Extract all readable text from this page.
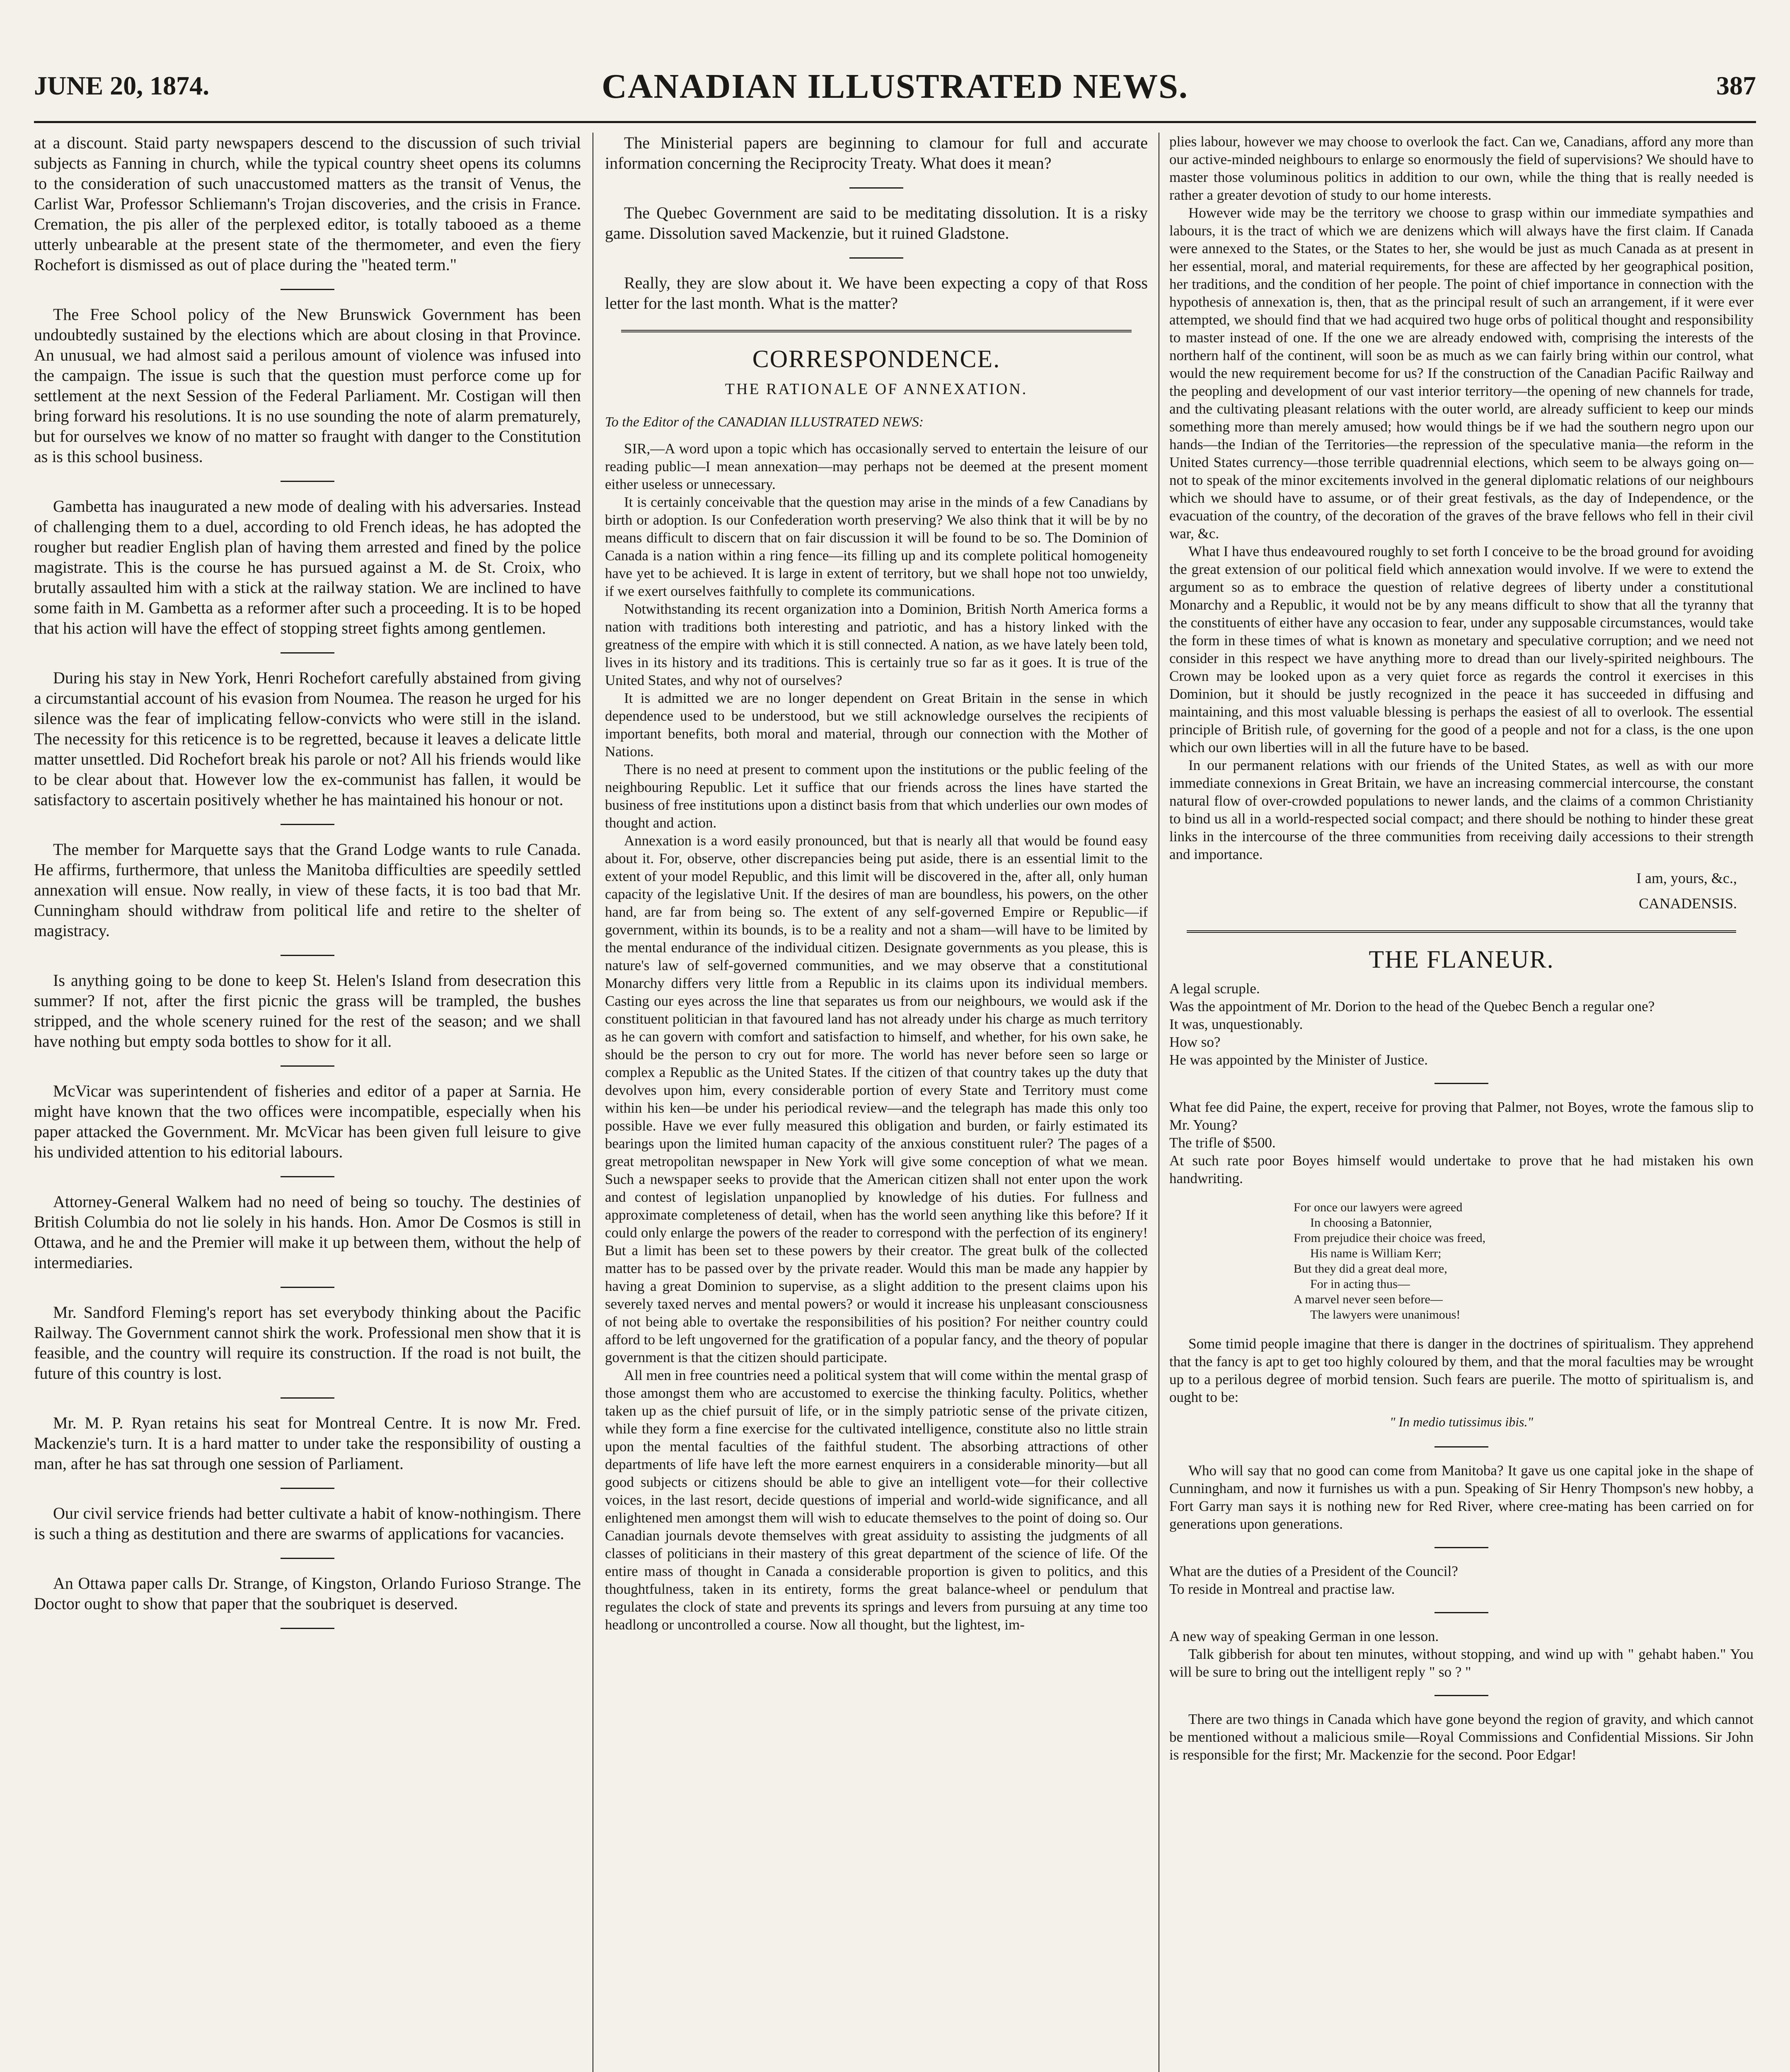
JUNE 20, 1874.	CANADIAN ILLUSTRATED NEWS.	387

at a discount. Staid party newspapers descend to the discussion of such trivial subjects as Fanning in church, while the typical country sheet opens its columns to the consideration of such unaccustomed matters as the transit of Venus, the Carlist War, Professor Schliemann's Trojan discoveries, and the crisis in France. Cremation, the pis aller of the perplexed editor, is totally tabooed as a theme utterly unbearable at the present state of the thermometer, and even the fiery Rochefort is dismissed as out of place during the "heated term."

The Free School policy of the New Brunswick Government has been undoubtedly sustained by the elections which are about closing in that Province. An unusual, we had almost said a perilous amount of violence was infused into the campaign. The issue is such that the question must perforce come up for settlement at the next Session of the Federal Parliament. Mr. Costigan will then bring forward his resolutions. It is no use sounding the note of alarm prematurely, but for ourselves we know of no matter so fraught with danger to the Constitution as is this school business.

Gambetta has inaugurated a new mode of dealing with his adversaries. Instead of challenging them to a duel, according to old French ideas, he has adopted the rougher but readier English plan of having them arrested and fined by the police magistrate. This is the course he has pursued against a M. de St. Croix, who brutally assaulted him with a stick at the railway station. We are inclined to have some faith in M. Gambetta as a reformer after such a proceeding. It is to be hoped that his action will have the effect of stopping street fights among gentlemen.

During his stay in New York, Henri Rochefort carefully abstained from giving a circumstantial account of his evasion from Noumea. The reason he urged for his silence was the fear of implicating fellow-convicts who were still in the island. The necessity for this reticence is to be regretted, because it leaves a delicate little matter unsettled. Did Rochefort break his parole or not? All his friends would like to be clear about that. However low the ex-communist has fallen, it would be satisfactory to ascertain positively whether he has maintained his honour or not.

The member for Marquette says that the Grand Lodge wants to rule Canada. He affirms, furthermore, that unless the Manitoba difficulties are speedily settled annexation will ensue. Now really, in view of these facts, it is too bad that Mr. Cunningham should withdraw from political life and retire to the shelter of magistracy.

Is anything going to be done to keep St. Helen's Island from desecration this summer? If not, after the first picnic the grass will be trampled, the bushes stripped, and the whole scenery ruined for the rest of the season; and we shall have nothing but empty soda bottles to show for it all.

McVicar was superintendent of fisheries and editor of a paper at Sarnia. He might have known that the two offices were incompatible, especially when his paper attacked the Government. Mr. McVicar has been given full leisure to give his undivided attention to his editorial labours.

Attorney-General Walkem had no need of being so touchy. The destinies of British Columbia do not lie solely in his hands. Hon. Amor De Cosmos is still in Ottawa, and he and the Premier will make it up between them, without the help of intermediaries.

Mr. Sandford Fleming's report has set everybody thinking about the Pacific Railway. The Government cannot shirk the work. Professional men show that it is feasible, and the country will require its construction. If the road is not built, the future of this country is lost.

Mr. M. P. Ryan retains his seat for Montreal Centre. It is now Mr. Fred. Mackenzie's turn. It is a hard matter to under take the responsibility of ousting a man, after he has sat through one session of Parliament.

Our civil service friends had better cultivate a habit of know-nothingism. There is such a thing as destitution and there are swarms of applications for vacancies.

An Ottawa paper calls Dr. Strange, of Kingston, Orlando Furioso Strange. The Doctor ought to show that paper that the soubriquet is deserved.

The Ministerial papers are beginning to clamour for full and accurate information concerning the Reciprocity Treaty. What does it mean?

The Quebec Government are said to be meditating dissolution. It is a risky game. Dissolution saved Mackenzie, but it ruined Gladstone.

Really, they are slow about it. We have been expecting a copy of that Ross letter for the last month. What is the matter?

CORRESPONDENCE.
THE RATIONALE OF ANNEXATION.
To the Editor of the CANADIAN ILLUSTRATED NEWS:

SIR,—A word upon a topic which has occasionally served to entertain the leisure of our reading public—I mean annexation—may perhaps not be deemed at the present moment either useless or unnecessary.

It is certainly conceivable that the question may arise in the minds of a few Canadians by birth or adoption. Is our Confederation worth preserving? We also think that it will be by no means difficult to discern that on fair discussion it will be found to be so. The Dominion of Canada is a nation within a ring fence—its filling up and its complete political homogeneity have yet to be achieved. It is large in extent of territory, but we shall hope not too unwieldy, if we exert ourselves faithfully to complete its communications.

Notwithstanding its recent organization into a Dominion, British North America forms a nation with traditions both interesting and patriotic, and has a history linked with the greatness of the empire with which it is still connected. A nation, as we have lately been told, lives in its history and its traditions. This is certainly true so far as it goes. It is true of the United States, and why not of ourselves?

It is admitted we are no longer dependent on Great Britain in the sense in which dependence used to be understood, but we still acknowledge ourselves the recipients of important benefits, both moral and material, through our connection with the Mother of Nations.

There is no need at present to comment upon the institutions or the public feeling of the neighbouring Republic. Let it suffice that our friends across the lines have started the business of free institutions upon a distinct basis from that which underlies our own modes of thought and action.

Annexation is a word easily pronounced, but that is nearly all that would be found easy about it. For, observe, other discrepancies being put aside, there is an essential limit to the extent of your model Republic, and this limit will be discovered in the, after all, only human capacity of the legislative Unit. If the desires of man are boundless, his powers, on the other hand, are far from being so. The extent of any self-governed Empire or Republic—if government, within its bounds, is to be a reality and not a sham—will have to be limited by the mental endurance of the individual citizen. Designate governments as you please, this is nature's law of self-governed communities, and we may observe that a constitutional Monarchy differs very little from a Republic in its claims upon its individual members. Casting our eyes across the line that separates us from our neighbours, we would ask if the constituent politician in that favoured land has not already under his charge as much territory as he can govern with comfort and satisfaction to himself, and whether, for his own sake, he should be the person to cry out for more. The world has never before seen so large or complex a Republic as the United States. If the citizen of that country takes up the duty that devolves upon him, every considerable portion of every State and Territory must come within his ken—be under his periodical review—and the telegraph has made this only too possible. Have we ever fully measured this obligation and burden, or fairly estimated its bearings upon the limited human capacity of the anxious constituent ruler? The pages of a great metropolitan newspaper in New York will give some conception of what we mean. Such a newspaper seeks to provide that the American citizen shall not enter upon the work and contest of legislation unpanoplied by knowledge of his duties. For fullness and approximate completeness of detail, when has the world seen anything like this before? If it could only enlarge the powers of the reader to correspond with the perfection of its enginery! But a limit has been set to these powers by their creator. The great bulk of the collected matter has to be passed over by the private reader. Would this man be made any happier by having a great Dominion to supervise, as a slight addition to the present claims upon his severely taxed nerves and mental powers? or would it increase his unpleasant consciousness of not being able to overtake the responsibilities of his position? For neither country could afford to be left ungoverned for the gratification of a popular fancy, and the theory of popular government is that the citizen should participate.

All men in free countries need a political system that will come within the mental grasp of those amongst them who are accustomed to exercise the thinking faculty. Politics, whether taken up as the chief pursuit of life, or in the simply patriotic sense of the private citizen, while they form a fine exercise for the cultivated intelligence, constitute also no little strain upon the mental faculties of the faithful student. The absorbing attractions of other departments of life have left the more earnest enquirers in a considerable minority—but all good subjects or citizens should be able to give an intelligent vote—for their collective voices, in the last resort, decide questions of imperial and world-wide significance, and all enlightened men amongst them will wish to educate themselves to the point of doing so. Our Canadian journals devote themselves with great assiduity to assisting the judgments of all classes of politicians in their mastery of this great department of the science of life. Of the entire mass of thought in Canada a considerable proportion is given to politics, and this thoughtfulness, taken in its entirety, forms the great balance-wheel or pendulum that regulates the clock of state and prevents its springs and levers from pursuing at any time too headlong or uncontrolled a course. Now all thought, but the lightest, im-

plies labour, however we may choose to overlook the fact. Can we, Canadians, afford any more than our active-minded neighbours to enlarge so enormously the field of supervisions? We should have to master those voluminous politics in addition to our own, while the thing that is really needed is rather a greater devotion of study to our home interests.

However wide may be the territory we choose to grasp within our immediate sympathies and labours, it is the tract of which we are denizens which will always have the first claim. If Canada were annexed to the States, or the States to her, she would be just as much Canada as at present in her essential, moral, and material requirements, for these are affected by her geographical position, her traditions, and the condition of her people. The point of chief importance in connection with the hypothesis of annexation is, then, that as the principal result of such an arrangement, if it were ever attempted, we should find that we had acquired two huge orbs of political thought and responsibility to master instead of one. If the one we are already endowed with, comprising the interests of the northern half of the continent, will soon be as much as we can fairly bring within our control, what would the new requirement become for us? If the construction of the Canadian Pacific Railway and the peopling and development of our vast interior territory—the opening of new channels for trade, and the cultivating pleasant relations with the outer world, are already sufficient to keep our minds something more than merely amused; how would things be if we had the southern negro upon our hands—the Indian of the Territories—the repression of the speculative mania—the reform in the United States currency—those terrible quadrennial elections, which seem to be always going on—not to speak of the minor excitements involved in the general diplomatic relations of our neighbours which we should have to assume, or of their great festivals, as the day of Independence, or the evacuation of the country, of the decoration of the graves of the brave fellows who fell in their civil war, &c.

What I have thus endeavoured roughly to set forth I conceive to be the broad ground for avoiding the great extension of our political field which annexation would involve. If we were to extend the argument so as to embrace the question of relative degrees of liberty under a constitutional Monarchy and a Republic, it would not be by any means difficult to show that all the tyranny that the constituents of either have any occasion to fear, under any supposable circumstances, would take the form in these times of what is known as monetary and speculative corruption; and we need not consider in this respect we have anything more to dread than our lively-spirited neighbours. The Crown may be looked upon as a very quiet force as regards the control it exercises in this Dominion, but it should be justly recognized in the peace it has succeeded in diffusing and maintaining, and this most valuable blessing is perhaps the easiest of all to overlook. The essential principle of British rule, of governing for the good of a people and not for a class, is the one upon which our own liberties will in all the future have to be based.

In our permanent relations with our friends of the United States, as well as with our more immediate connexions in Great Britain, we have an increasing commercial intercourse, the constant natural flow of over-crowded populations to newer lands, and the claims of a common Christianity to bind us all in a world-respected social compact; and there should be nothing to hinder these great links in the intercourse of the three communities from receiving daily accessions to their strength and importance.

I am, yours, &c.,
CANADENSIS.
THE FLANEUR.

A legal scruple.

Was the appointment of Mr. Dorion to the head of the Quebec Bench a regular one?

It was, unquestionably.

How so?

He was appointed by the Minister of Justice.

What fee did Paine, the expert, receive for proving that Palmer, not Boyes, wrote the famous slip to Mr. Young?

The trifle of $500.

At such rate poor Boyes himself would undertake to prove that he had mistaken his own handwriting.

For once our lawyers were agreed
In choosing a Batonnier,
From prejudice their choice was freed,
His name is William Kerr;
But they did a great deal more,
For in acting thus—
A marvel never seen before—
The lawyers were unanimous!

Some timid people imagine that there is danger in the doctrines of spiritualism. They apprehend that the fancy is apt to get too highly coloured by them, and that the moral faculties may be wrought up to a perilous degree of morbid tension. Such fears are puerile. The motto of spiritualism is, and ought to be:

" In medio tutissimus ibis."

Who will say that no good can come from Manitoba? It gave us one capital joke in the shape of Cunningham, and now it furnishes us with a pun. Speaking of Sir Henry Thompson's new hobby, a Fort Garry man says it is nothing new for Red River, where cree-mating has been carried on for generations upon generations.

What are the duties of a President of the Council?

To reside in Montreal and practise law.

A new way of speaking German in one lesson.

Talk gibberish for about ten minutes, without stopping, and wind up with " gehabt haben." You will be sure to bring out the intelligent reply " so ? "

There are two things in Canada which have gone beyond the region of gravity, and which cannot be mentioned without a malicious smile—Royal Commissions and Confidential Missions. Sir John is responsible for the first; Mr. Mackenzie for the second. Poor Edgar!
